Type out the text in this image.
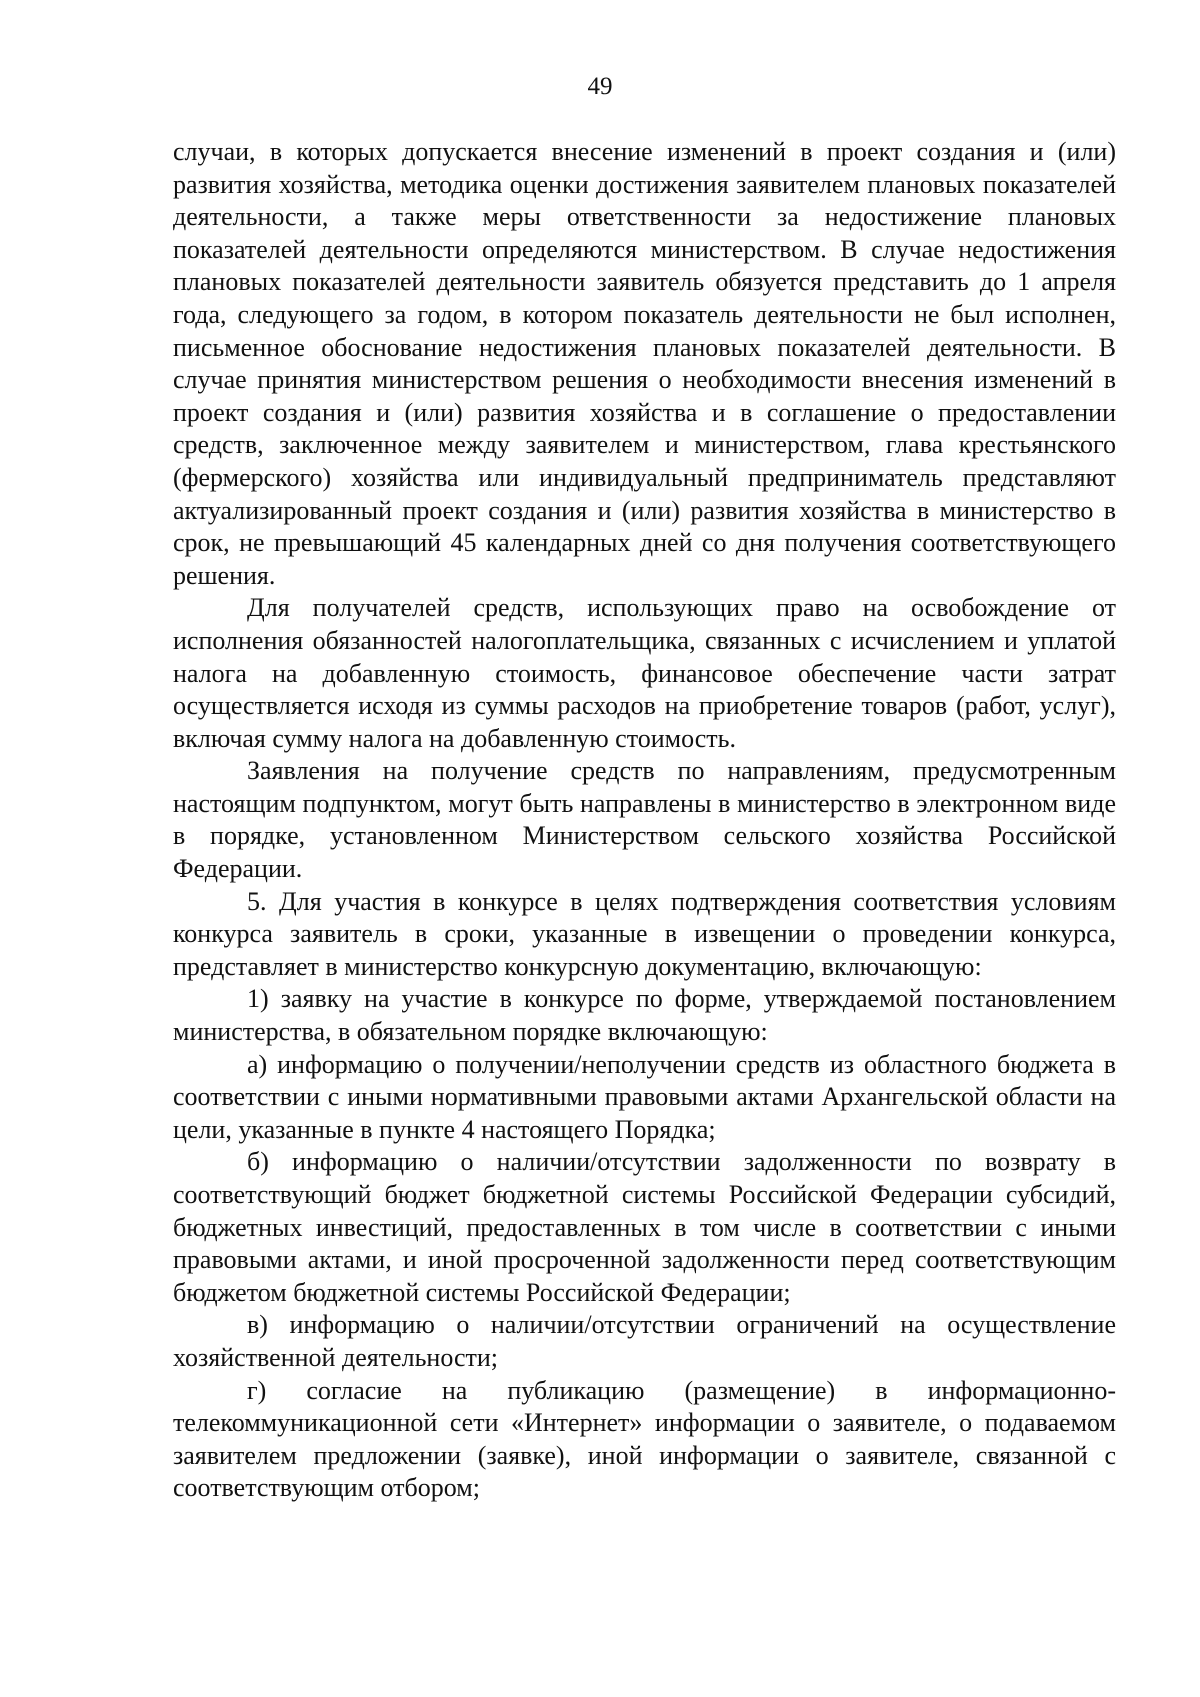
49

случаи, в которых допускается внесение изменений в проект создания и (или) развития хозяйства, методика оценки достижения заявителем плановых показателей деятельности, а также меры ответственности за недостижение плановых показателей деятельности определяются министерством. В случае недостижения плановых показателей деятельности заявитель обязуется представить до 1 апреля года, следующего за годом, в котором показатель деятельности не был исполнен, письменное обоснование недостижения плановых показателей деятельности. В случае принятия министерством решения о необходимости внесения изменений в проект создания и (или) развития хозяйства и в соглашение о предоставлении средств, заключенное между заявителем и министерством, глава крестьянского (фермерского) хозяйства или индивидуальный предприниматель представляют актуализированный проект создания и (или) развития хозяйства в министерство в срок, не превышающий 45 календарных дней со дня получения соответствующего решения.

Для получателей средств, использующих право на освобождение от исполнения обязанностей налогоплательщика, связанных с исчислением и уплатой налога на добавленную стоимость, финансовое обеспечение части затрат осуществляется исходя из суммы расходов на приобретение товаров (работ, услуг), включая сумму налога на добавленную стоимость.

Заявления на получение средств по направлениям, предусмотренным настоящим подпунктом, могут быть направлены в министерство в электронном виде в порядке, установленном Министерством сельского хозяйства Российской Федерации.

5. Для участия в конкурсе в целях подтверждения соответствия условиям конкурса заявитель в сроки, указанные в извещении о проведении конкурса, представляет в министерство конкурсную документацию, включающую:

1) заявку на участие в конкурсе по форме, утверждаемой постановлением министерства, в обязательном порядке включающую:

а) информацию о получении/неполучении средств из областного бюджета в соответствии с иными нормативными правовыми актами Архангельской области на цели, указанные в пункте 4 настоящего Порядка;

б) информацию о наличии/отсутствии задолженности по возврату в соответствующий бюджет бюджетной системы Российской Федерации субсидий, бюджетных инвестиций, предоставленных в том числе в соответствии с иными правовыми актами, и иной просроченной задолженности перед соответствующим бюджетом бюджетной системы Российской Федерации;

в) информацию о наличии/отсутствии ограничений на осуществление хозяйственной деятельности;

г) согласие на публикацию (размещение) в информационно-телекоммуникационной сети «Интернет» информации о заявителе, о подаваемом заявителем предложении (заявке), иной информации о заявителе, связанной с соответствующим отбором;
